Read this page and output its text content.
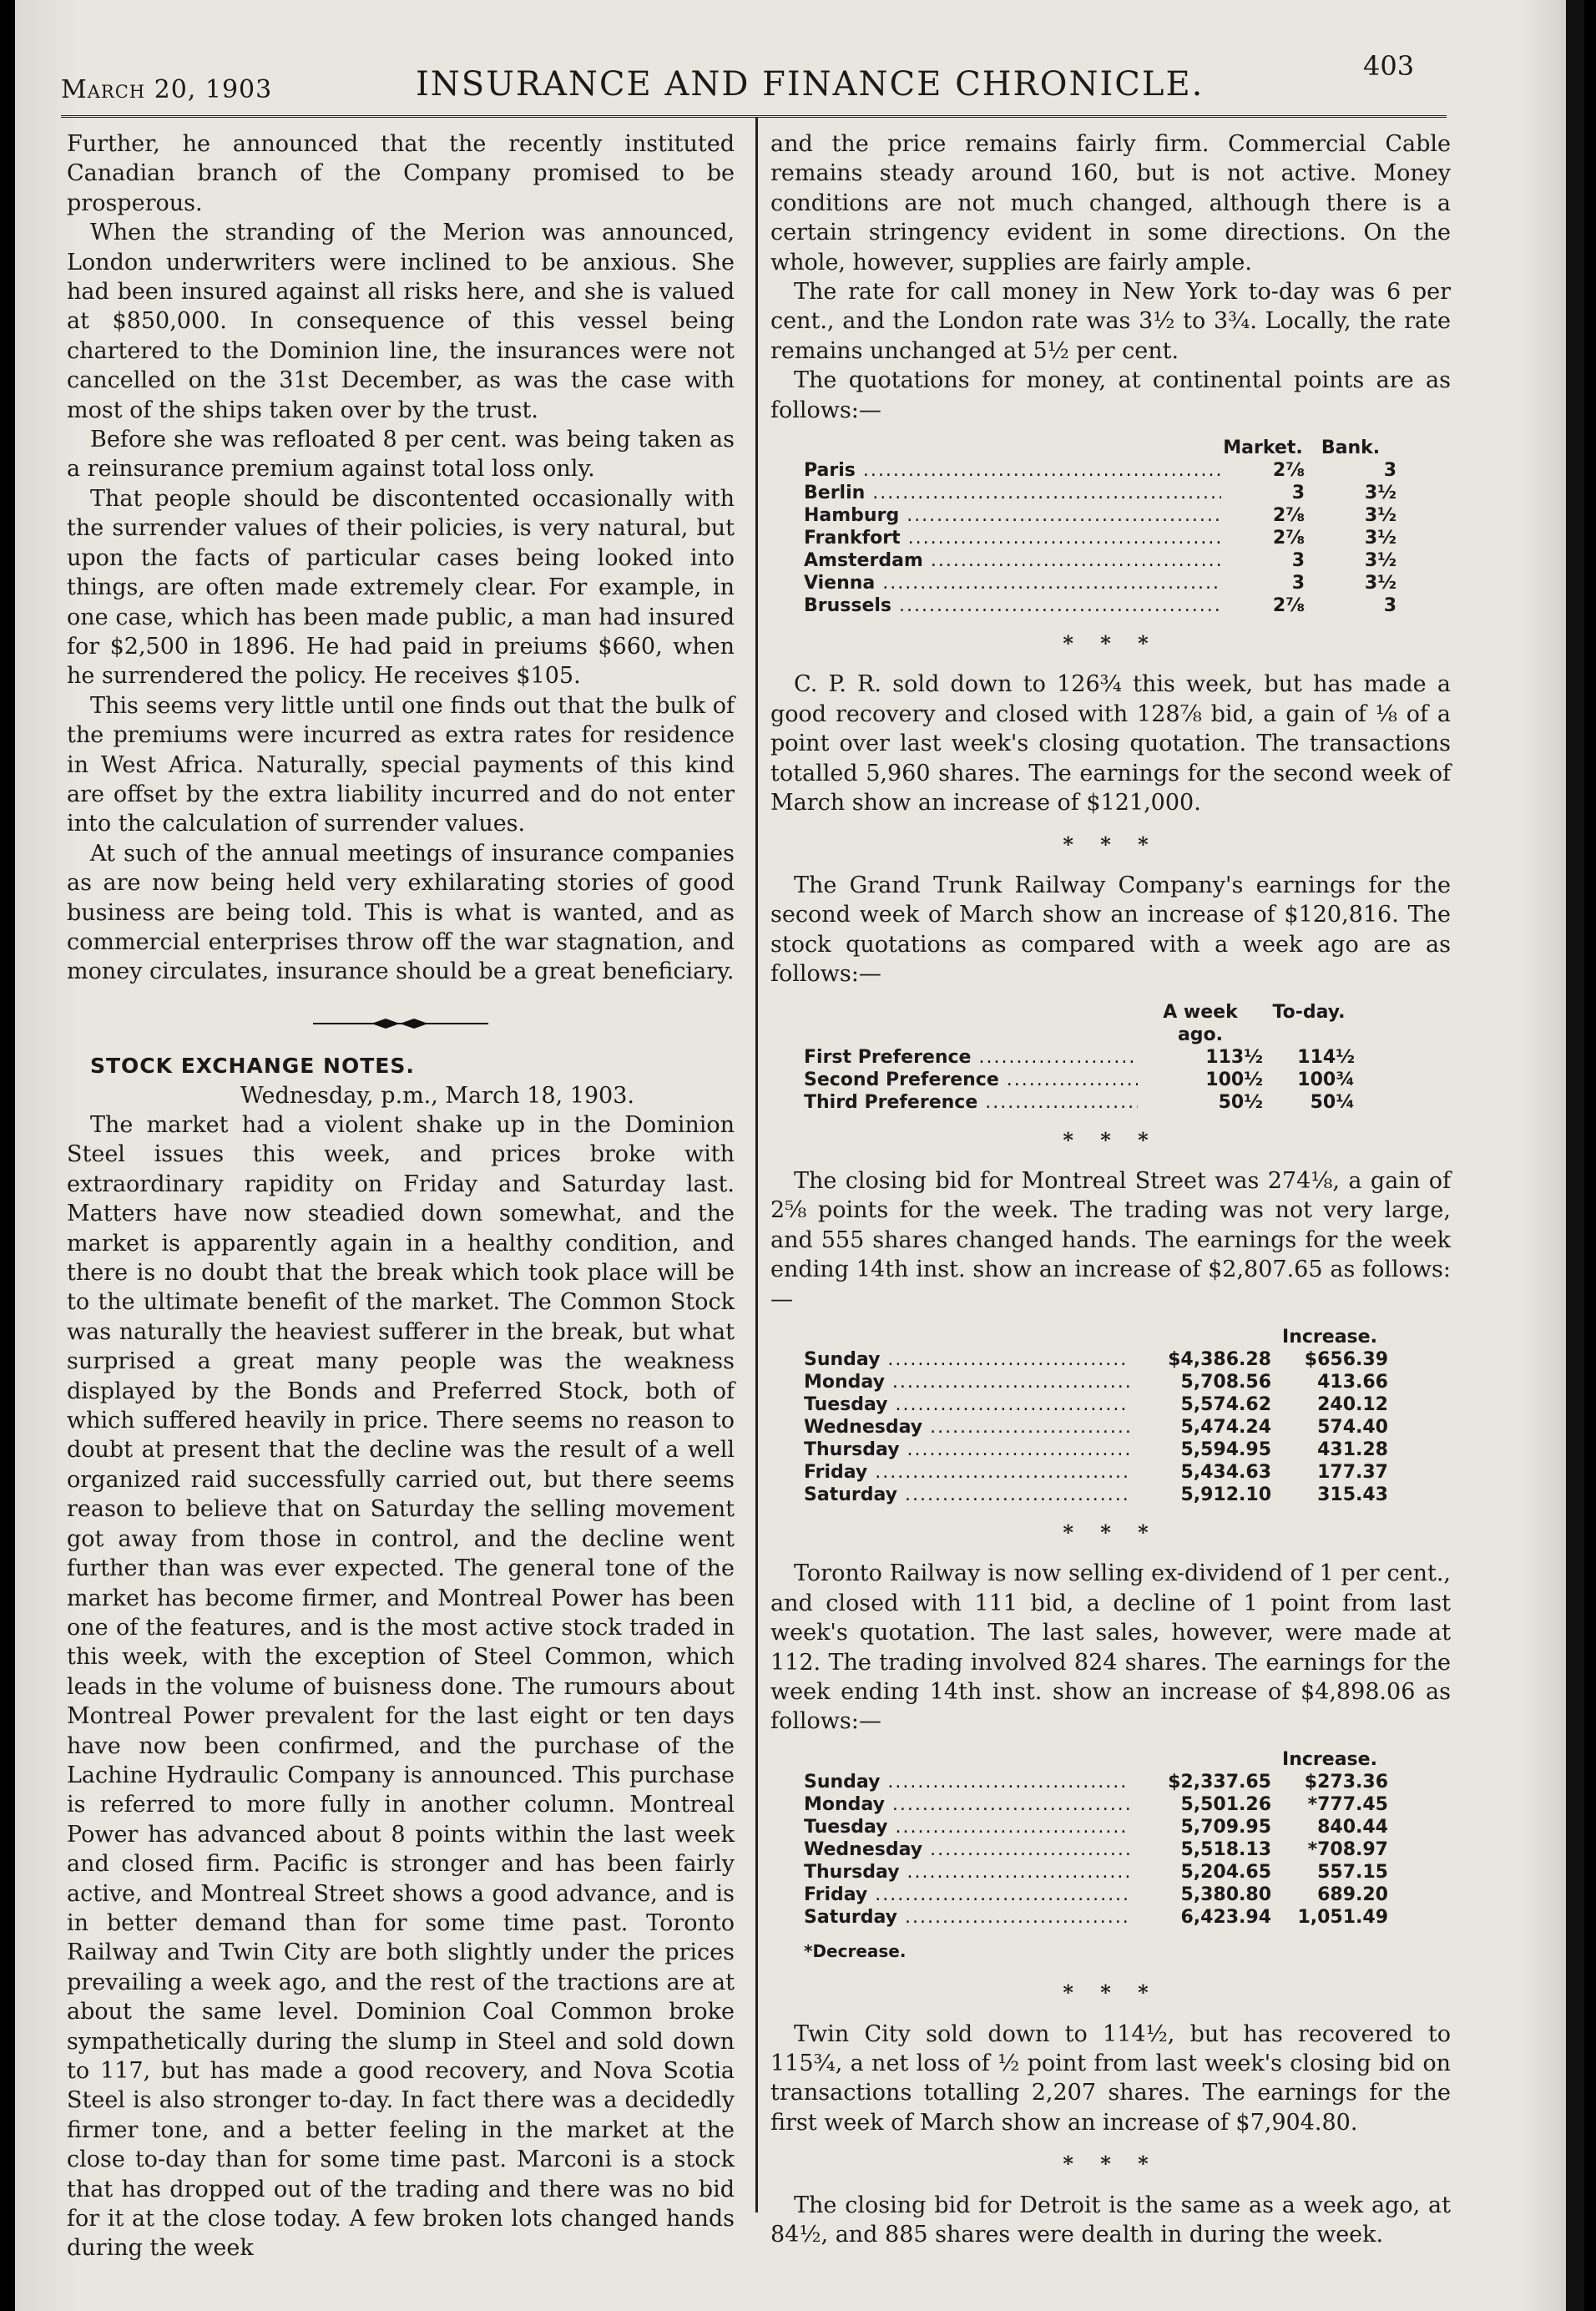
March 20, 1903	INSURANCE AND FINANCE CHRONICLE.	403

Further, he announced that the recently instituted Canadian branch of the Company promised to be prosperous.

When the stranding of the Merion was announced, London underwriters were inclined to be anxious. She had been insured against all risks here, and she is valued at $850,000. In consequence of this vessel being chartered to the Dominion line, the insurances were not cancelled on the 31st December, as was the case with most of the ships taken over by the trust.

Before she was refloated 8 per cent. was being taken as a reinsurance premium against total loss only.

That people should be discontented occasionally with the surrender values of their policies, is very natural, but upon the facts of particular cases being looked into things, are often made extremely clear. For example, in one case, which has been made public, a man had insured for $2,500 in 1896. He had paid in preiums $660, when he surrendered the policy. He receives $105.

This seems very little until one finds out that the bulk of the premiums were incurred as extra rates for residence in West Africa. Naturally, special payments of this kind are offset by the extra liability incurred and do not enter into the calculation of surrender values.

At such of the annual meetings of insurance companies as are now being held very exhilarating stories of good business are being told. This is what is wanted, and as commercial enterprises throw off the war stagnation, and money circulates, insurance should be a great beneficiary.

STOCK EXCHANGE NOTES.

Wednesday, p.m., March 18, 1903.

The market had a violent shake up in the Dominion Steel issues this week, and prices broke with extraordinary rapidity on Friday and Saturday last. Matters have now steadied down somewhat, and the market is apparently again in a healthy condition, and there is no doubt that the break which took place will be to the ultimate benefit of the market. The Common Stock was naturally the heaviest sufferer in the break, but what surprised a great many people was the weakness displayed by the Bonds and Preferred Stock, both of which suffered heavily in price. There seems no reason to doubt at present that the decline was the result of a well organized raid successfully carried out, but there seems reason to believe that on Saturday the selling movement got away from those in control, and the decline went further than was ever expected. The general tone of the market has become firmer, and Montreal Power has been one of the features, and is the most active stock traded in this week, with the exception of Steel Common, which leads in the volume of buisness done. The rumours about Montreal Power prevalent for the last eight or ten days have now been confirmed, and the purchase of the Lachine Hydraulic Company is announced. This purchase is referred to more fully in another column. Montreal Power has advanced about 8 points within the last week and closed firm. Pacific is stronger and has been fairly active, and Montreal Street shows a good advance, and is in better demand than for some time past. Toronto Railway and Twin City are both slightly under the prices prevailing a week ago, and the rest of the tractions are at about the same level. Dominion Coal Common broke sympathetically during the slump in Steel and sold down to 117, but has made a good recovery, and Nova Scotia Steel is also stronger to-day. In fact there was a decidedly firmer tone, and a better feeling in the market at the close to-day than for some time past. Marconi is a stock that has dropped out of the trading and there was no bid for it at the close today. A few broken lots changed hands during the week

and the price remains fairly firm. Commercial Cable remains steady around 160, but is not active. Money conditions are not much changed, although there is a certain stringency evident in some directions. On the whole, however, supplies are fairly ample.

The rate for call money in New York to-day was 6 per cent., and the London rate was 3½ to 3¾. Locally, the rate remains unchanged at 5½ per cent.

The quotations for money, at continental points are as follows:—

	Market.	Bank.
Paris .....	2⅞	3
Berlin .....	3	3½
Hamburg .....	2⅞	3½
Frankfort .....	2⅞	3½
Amsterdam .....	3	3½
Vienna .....	3	3½
Brussels .....	2⅞	3
* * *

C. P. R. sold down to 126¾ this week, but has made a good recovery and closed with 128⅞ bid, a gain of ⅛ of a point over last week's closing quotation. The transactions totalled 5,960 shares. The earnings for the second week of March show an increase of $121,000.

* * *

The Grand Trunk Railway Company's earnings for the second week of March show an increase of $120,816. The stock quotations as compared with a week ago are as follows:—

	A week ago.	To-day.
First Preference .....	113½	114½
Second Preference .....	100½	100¾
Third Preference .....	50½	50¼
* * *

The closing bid for Montreal Street was 274⅛, a gain of 2⅝ points for the week. The trading was not very large, and 555 shares changed hands. The earnings for the week ending 14th inst. show an increase of $2,807.65 as follows:—

		Increase.
Sunday .....	$4,386.28	$656.39
Monday .....	5,708.56	413.66
Tuesday .....	5,574.62	240.12
Wednesday .....	5,474.24	574.40
Thursday .....	5,594.95	431.28
Friday .....	5,434.63	177.37
Saturday .....	5,912.10	315.43
* * *

Toronto Railway is now selling ex-dividend of 1 per cent., and closed with 111 bid, a decline of 1 point from last week's quotation. The last sales, however, were made at 112. The trading involved 824 shares. The earnings for the week ending 14th inst. show an increase of $4,898.06 as follows:—

		Increase.
Sunday .....	$2,337.65	$273.36
Monday .....	5,501.26	*777.45
Tuesday .....	5,709.95	840.44
Wednesday .....	5,518.13	*708.97
Thursday .....	5,204.65	557.15
Friday .....	5,380.80	689.20
Saturday .....	6,423.94	1,051.49
*Decrease.
* * *

Twin City sold down to 114½, but has recovered to 115¾, a net loss of ½ point from last week's closing bid on transactions totalling 2,207 shares. The earnings for the first week of March show an increase of $7,904.80.

* * *

The closing bid for Detroit is the same as a week ago, at 84½, and 885 shares were dealth in during the week.
